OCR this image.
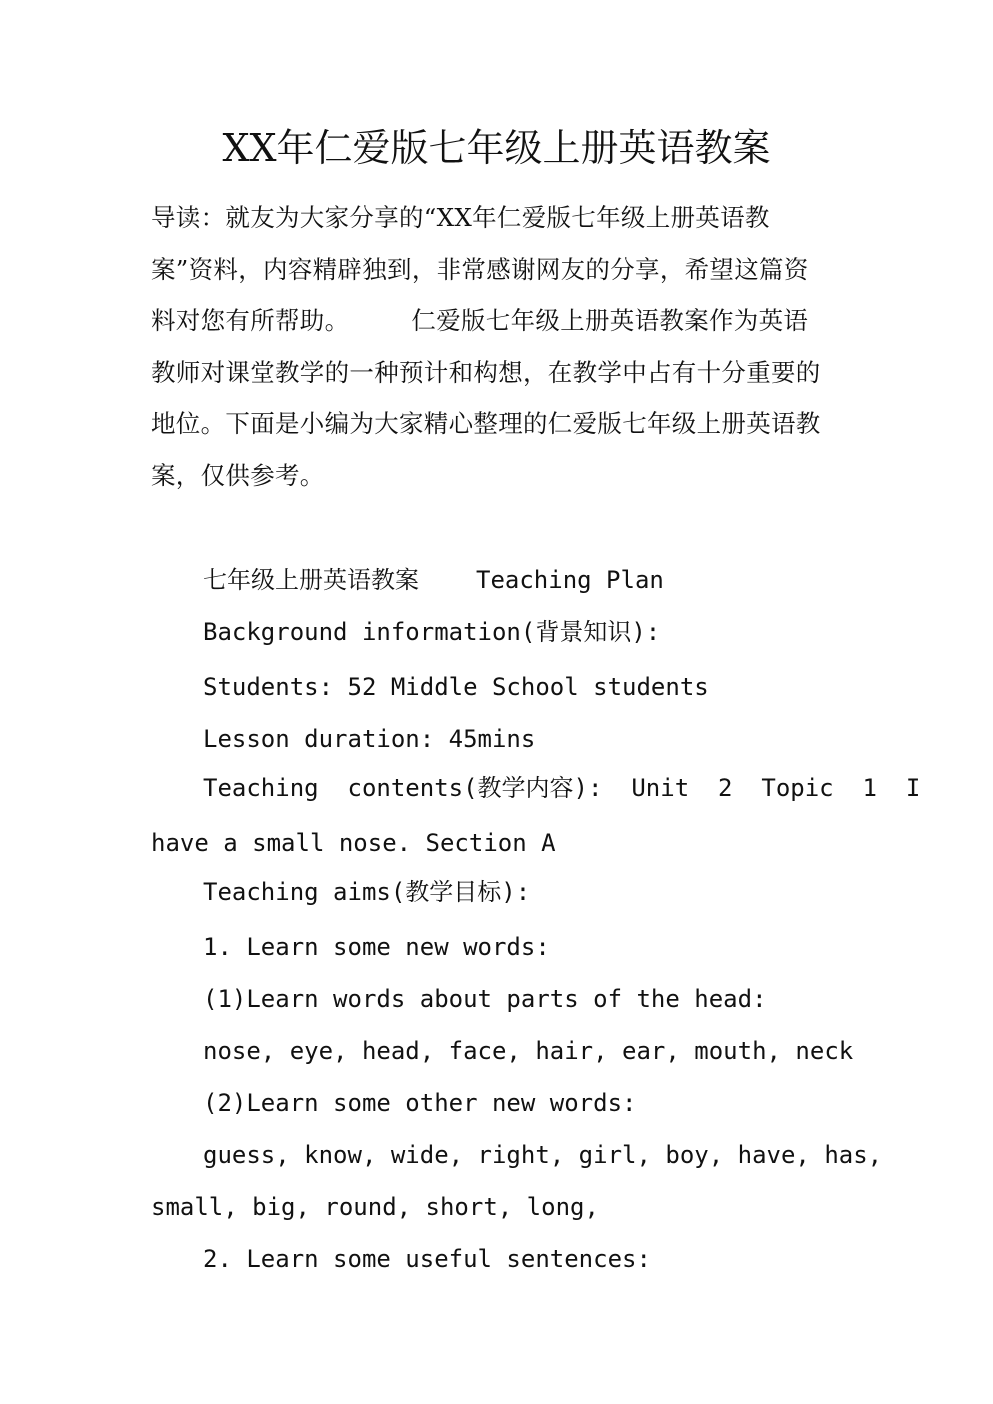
XX年仁爱版七年级上册英语教案

导读：就友为大家分享的“XX年仁爱版七年级上册英语教案”资料，内容精辟独到，非常感谢网友的分享，希望这篇资料对您有所帮助。	仁爱版七年级上册英语教案作为英语教师对课堂教学的一种预计和构想，在教学中占有十分重要的地位。下面是小编为大家精心整理的仁爱版七年级上册英语教案，仅供参考。

七年级上册英语教案 Teaching Plan
Background information(背景知识):
Students: 52 Middle School students
Lesson duration: 45mins
Teaching  contents(教学内容):  Unit  2  Topic  1  I
have a small nose. Section A
Teaching aims(教学目标):
1. Learn some new words:
(1)Learn words about parts of the head:
nose, eye, head, face, hair, ear, mouth, neck
(2)Learn some other new words:
guess, know, wide, right, girl, boy, have, has,
small, big, round, short, long,
2. Learn some useful sentences:
